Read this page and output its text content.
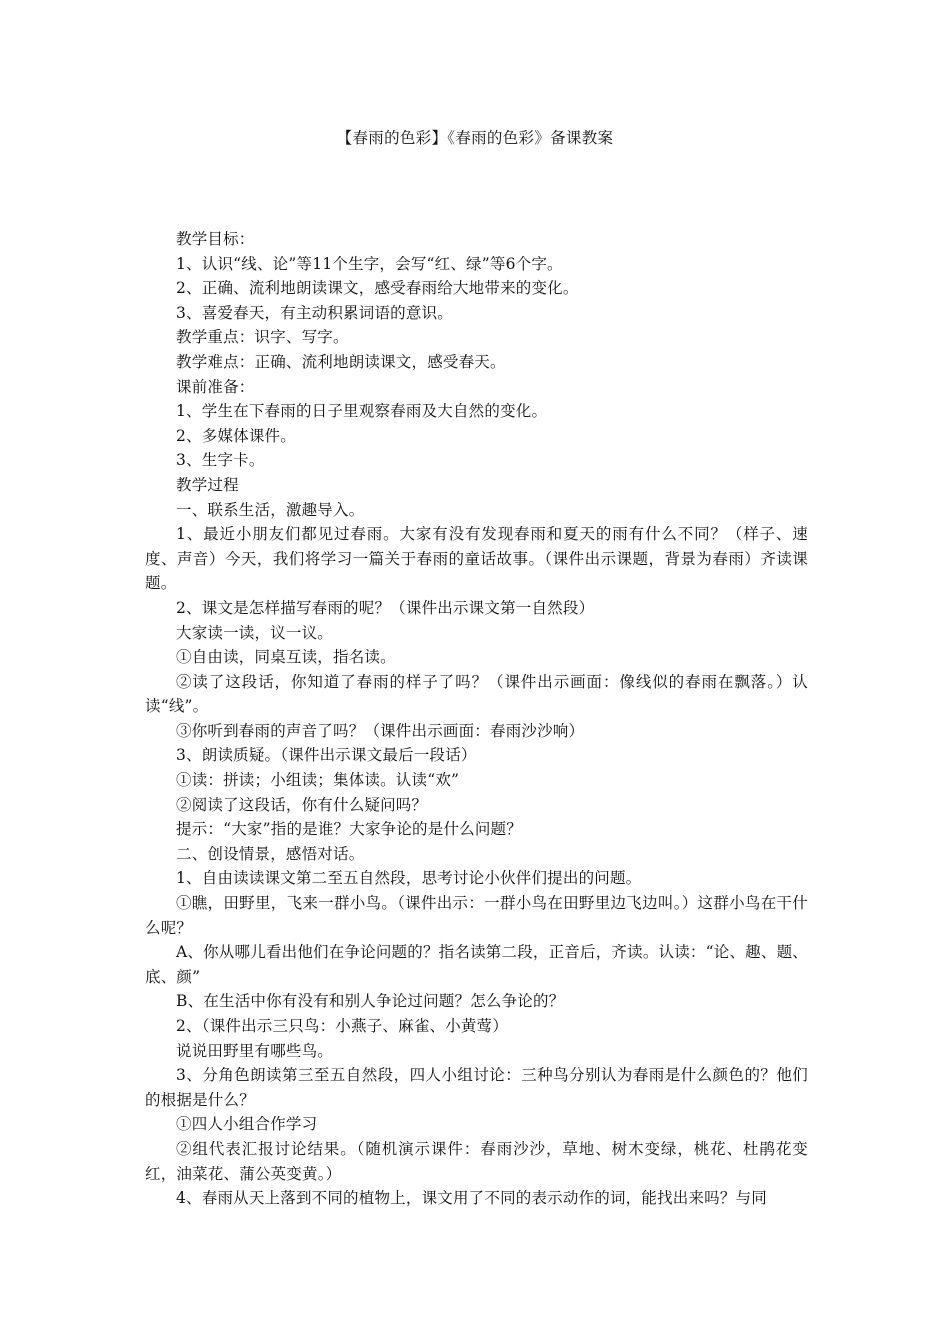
【春雨的色彩】《春雨的色彩》备课教案

教学目标：

1、认识“线、论”等11个生字，会写“红、绿”等6个字。

2、正确、流利地朗读课文，感受春雨给大地带来的变化。

3、喜爱春天，有主动积累词语的意识。

教学重点：识字、写字。

教学难点：正确、流利地朗读课文，感受春天。

课前准备：

1、学生在下春雨的日子里观察春雨及大自然的变化。

2、多媒体课件。

3、生字卡。

教学过程

一、联系生活，激趣导入。

1、最近小朋友们都见过春雨。大家有没有发现春雨和夏天的雨有什么不同？（样子、速度、声音）今天，我们将学习一篇关于春雨的童话故事。（课件出示课题，背景为春雨）齐读课题。

2、课文是怎样描写春雨的呢？（课件出示课文第一自然段）

大家读一读，议一议。

①自由读，同桌互读，指名读。

②读了这段话，你知道了春雨的样子了吗？（课件出示画面：像线似的春雨在飘落。）认读“线”。

③你听到春雨的声音了吗？（课件出示画面：春雨沙沙响）

3、朗读质疑。（课件出示课文最后一段话）

①读：拼读；小组读；集体读。认读“欢”

②阅读了这段话，你有什么疑问吗？

提示：“大家”指的是谁？大家争论的是什么问题？

二、创设情景，感悟对话。

1、自由读读课文第二至五自然段，思考讨论小伙伴们提出的问题。

①瞧，田野里，飞来一群小鸟。（课件出示：一群小鸟在田野里边飞边叫。）这群小鸟在干什么呢？

A、你从哪儿看出他们在争论问题的？指名读第二段，正音后，齐读。认读：“论、趣、题、底、颜”

B、在生活中你有没有和别人争论过问题？怎么争论的？

2、（课件出示三只鸟：小燕子、麻雀、小黄莺）

说说田野里有哪些鸟。

3、分角色朗读第三至五自然段，四人小组讨论：三种鸟分别认为春雨是什么颜色的？他们的根据是什么？

①四人小组合作学习

②组代表汇报讨论结果。（随机演示课件：春雨沙沙，草地、树木变绿，桃花、杜鹃花变红，油菜花、蒲公英变黄。）

4、春雨从天上落到不同的植物上，课文用了不同的表示动作的词，能找出来吗？与同
